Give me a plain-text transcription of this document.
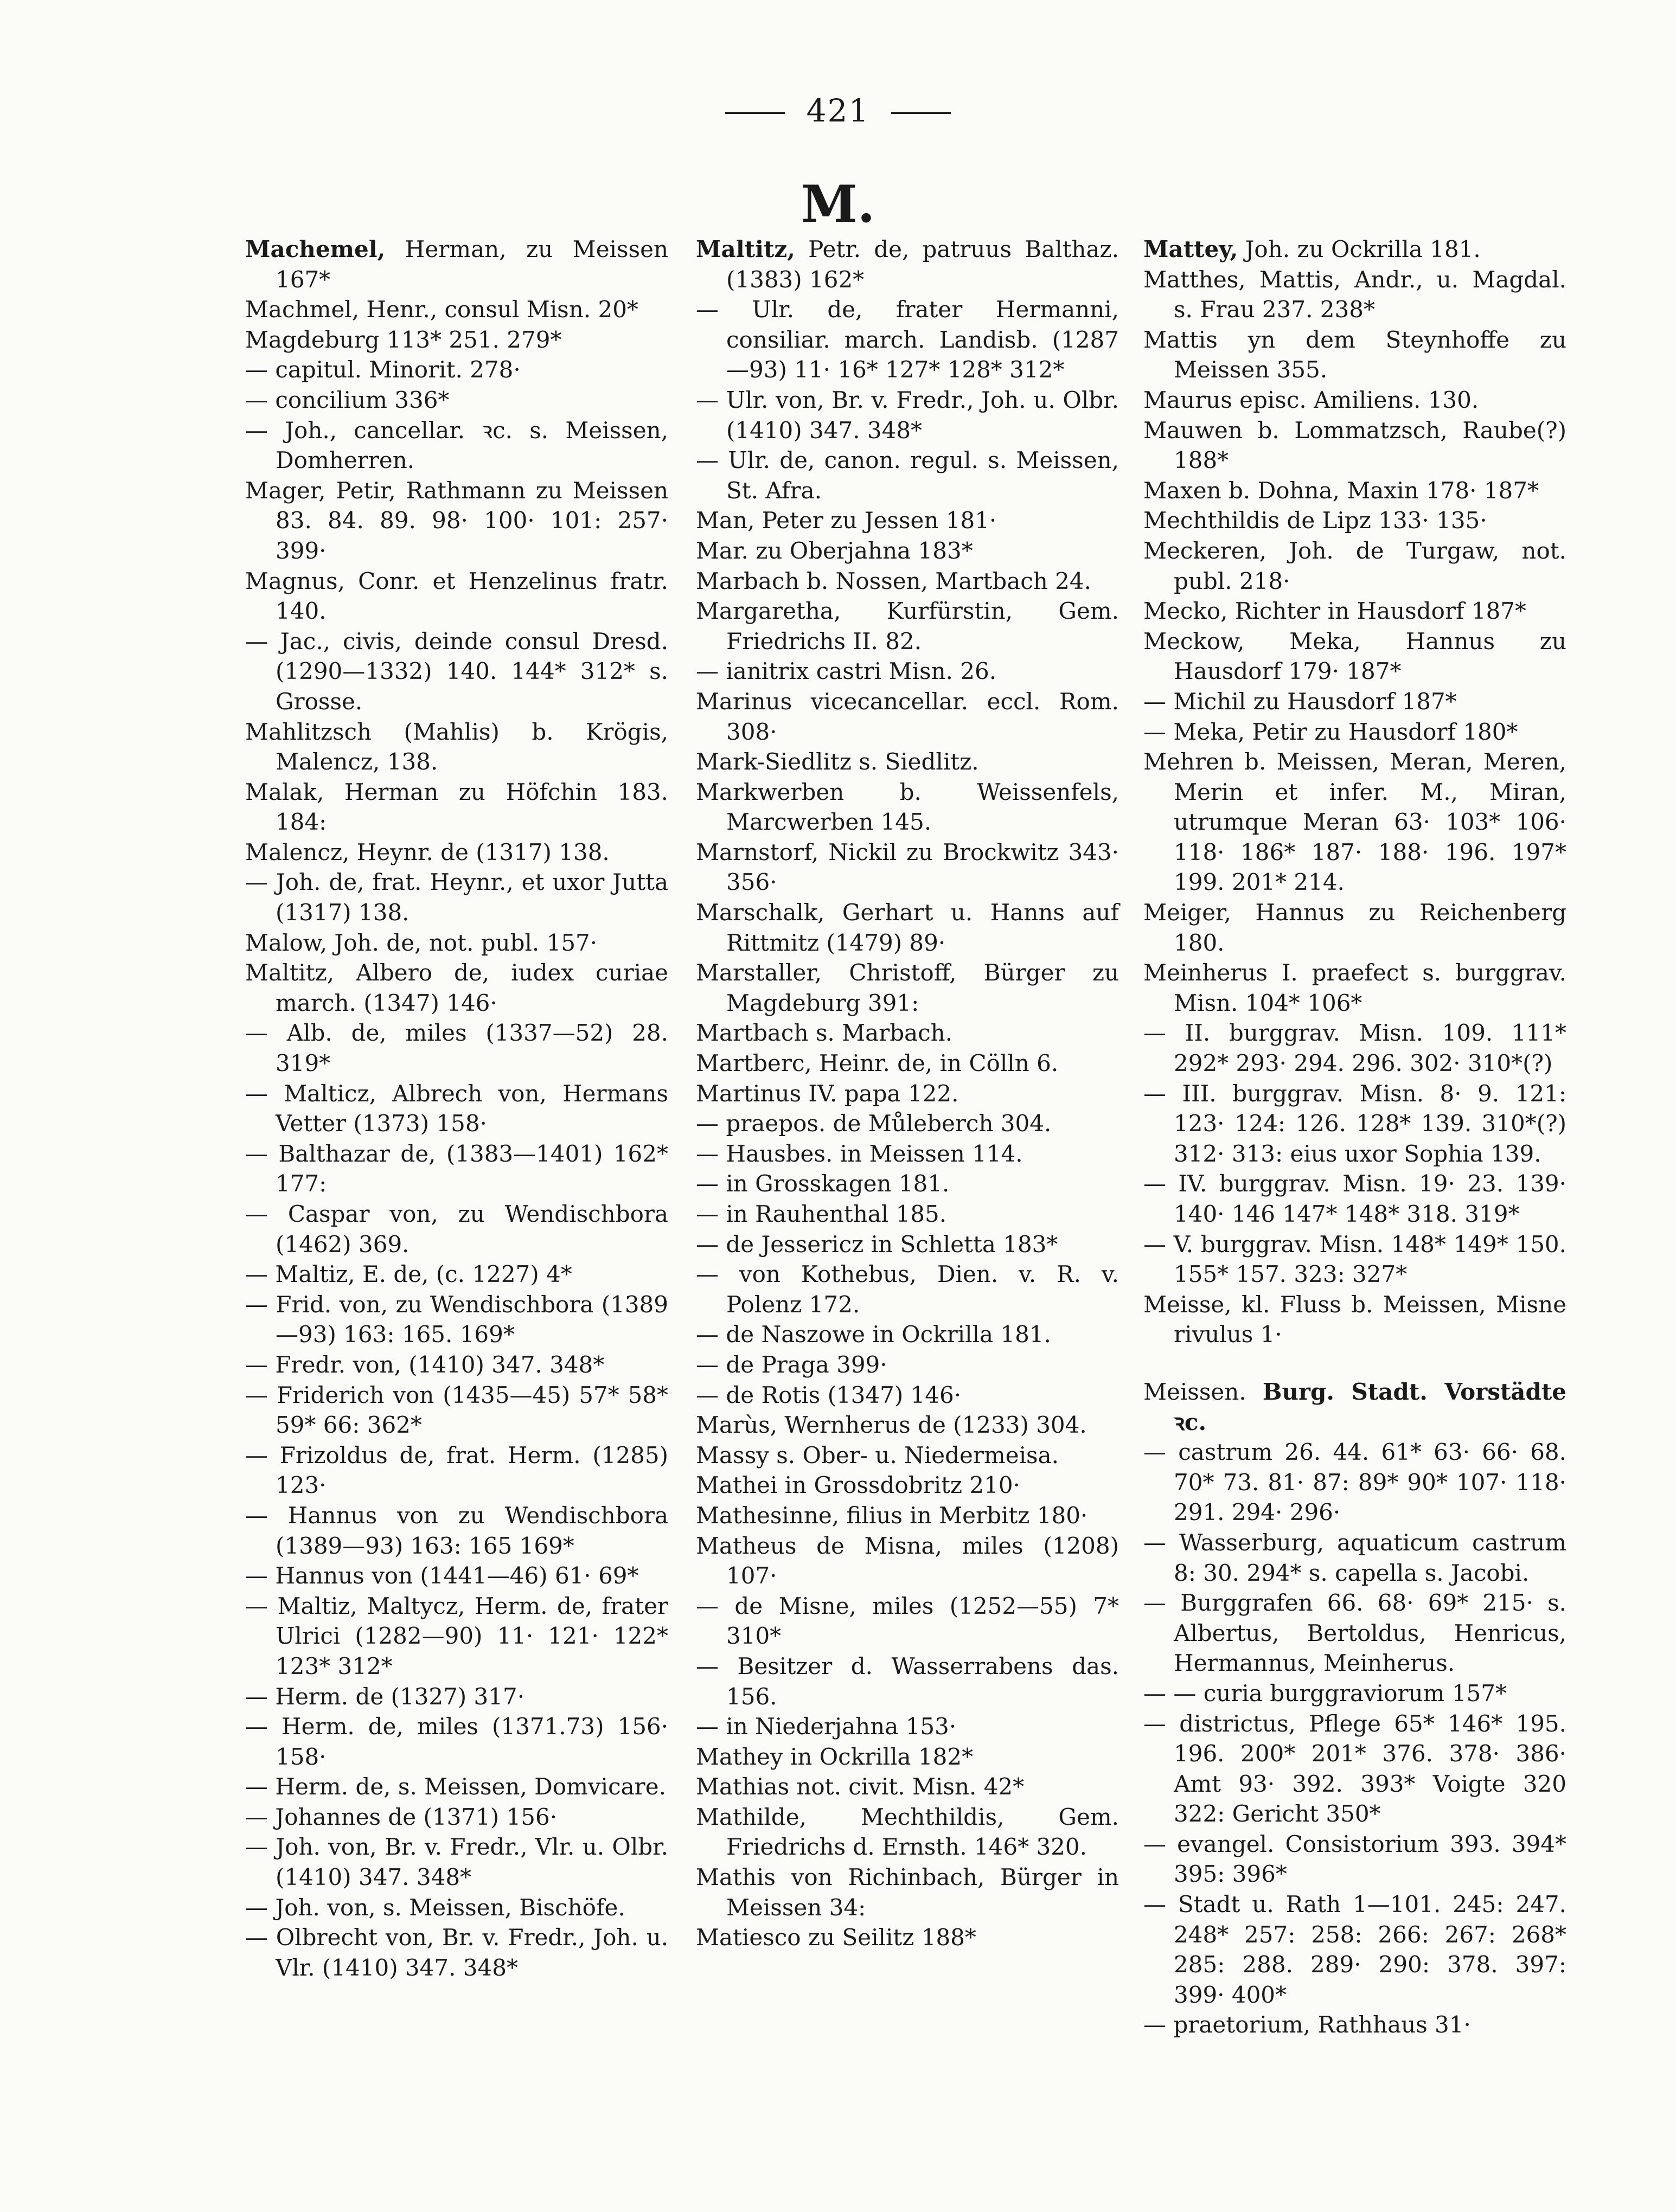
421
M.

Machemel, Herman, zu Meissen 167*

Machmel, Henr., consul Misn. 20*

Magdeburg 113* 251. 279*

— capitul. Minorit. 278·

— concilium 336*

— Joh., cancellar. ꝛc. s. Meissen, Domherren.

Mager, Petir, Rathmann zu Meissen 83. 84. 89. 98· 100· 101: 257· 399·

Magnus, Conr. et Henzelinus fratr. 140.

— Jac., civis, deinde consul Dresd. (1290—1332) 140. 144* 312* s. Grosse.

Mahlitzsch (Mahlis) b. Krögis, Malencz, 138.

Malak, Herman zu Höfchin 183. 184:

Malencz, Heynr. de (1317) 138.

— Joh. de, frat. Heynr., et uxor Jutta (1317) 138.

Malow, Joh. de, not. publ. 157·

Maltitz, Albero de, iudex curiae march. (1347) 146·

— Alb. de, miles (1337—52) 28. 319*

— Malticz, Albrech von, Hermans Vetter (1373) 158·

— Balthazar de, (1383—1401) 162* 177:

— Caspar von, zu Wendischbora (1462) 369.

— Maltiz, E. de, (c. 1227) 4*

— Frid. von, zu Wendischbora (1389—93) 163: 165. 169*

— Fredr. von, (1410) 347. 348*

— Friderich von (1435—45) 57* 58* 59* 66: 362*

— Frizoldus de, frat. Herm. (1285) 123·

— Hannus von zu Wendischbora (1389—93) 163: 165 169*

— Hannus von (1441—46) 61· 69*

— Maltiz, Maltycz, Herm. de, frater Ulrici (1282—90) 11· 121· 122* 123* 312*

— Herm. de (1327) 317·

— Herm. de, miles (1371.73) 156· 158·

— Herm. de, s. Meissen, Domvicare.

— Johannes de (1371) 156·

— Joh. von, Br. v. Fredr., Vlr. u. Olbr. (1410) 347. 348*

— Joh. von, s. Meissen, Bischöfe.

— Olbrecht von, Br. v. Fredr., Joh. u. Vlr. (1410) 347. 348*

Maltitz, Petr. de, patruus Balthaz. (1383) 162*

— Ulr. de, frater Hermanni, consiliar. march. Landisb. (1287—93) 11· 16* 127* 128* 312*

— Ulr. von, Br. v. Fredr., Joh. u. Olbr. (1410) 347. 348*

— Ulr. de, canon. regul. s. Meissen, St. Afra.

Man, Peter zu Jessen 181·

Mar. zu Oberjahna 183*

Marbach b. Nossen, Martbach 24.

Margaretha, Kurfürstin, Gem. Friedrichs II. 82.

— ianitrix castri Misn. 26.

Marinus vicecancellar. eccl. Rom. 308·

Mark-Siedlitz s. Siedlitz.

Markwerben b. Weissenfels, Marcwerben 145.

Marnstorf, Nickil zu Brockwitz 343· 356·

Marschalk, Gerhart u. Hanns auf Rittmitz (1479) 89·

Marstaller, Christoff, Bürger zu Magdeburg 391:

Martbach s. Marbach.

Martberc, Heinr. de, in Cölln 6.

Martinus IV. papa 122.

— praepos. de Můleberch 304.

— Hausbes. in Meissen 114.

— in Grosskagen 181.

— in Rauhenthal 185.

— de Jessericz in Schletta 183*

— von Kothebus, Dien. v. R. v. Polenz 172.

— de Naszowe in Ockrilla 181.

— de Praga 399·

— de Rotis (1347) 146·

Marùs, Wernherus de (1233) 304.

Massy s. Ober- u. Niedermeisa.

Mathei in Grossdobritz 210·

Mathesinne, filius in Merbitz 180·

Matheus de Misna, miles (1208) 107·

— de Misne, miles (1252—55) 7* 310*

— Besitzer d. Wasserrabens das. 156.

— in Niederjahna 153·

Mathey in Ockrilla 182*

Mathias not. civit. Misn. 42*

Mathilde, Mechthildis, Gem. Friedrichs d. Ernsth. 146* 320.

Mathis von Richinbach, Bürger in Meissen 34:

Matiesco zu Seilitz 188*

Mattey, Joh. zu Ockrilla 181.

Matthes, Mattis, Andr., u. Magdal. s. Frau 237. 238*

Mattis yn dem Steynhoffe zu Meissen 355.

Maurus episc. Amiliens. 130.

Mauwen b. Lommatzsch, Raube(?) 188*

Maxen b. Dohna, Maxin 178· 187*

Mechthildis de Lipz 133· 135·

Meckeren, Joh. de Turgaw, not. publ. 218·

Mecko, Richter in Hausdorf 187*

Meckow, Meka, Hannus zu Hausdorf 179· 187*

— Michil zu Hausdorf 187*

— Meka, Petir zu Hausdorf 180*

Mehren b. Meissen, Meran, Meren, Merin et infer. M., Miran, utrumque Meran 63· 103* 106· 118· 186* 187· 188· 196. 197* 199. 201* 214.

Meiger, Hannus zu Reichenberg 180.

Meinherus I. praefect s. burggrav. Misn. 104* 106*

— II. burggrav. Misn. 109. 111* 292* 293· 294. 296. 302· 310*(?)

— III. burggrav. Misn. 8· 9. 121: 123· 124: 126. 128* 139. 310*(?) 312· 313: eius uxor Sophia 139.

— IV. burggrav. Misn. 19· 23. 139· 140· 146 147* 148* 318. 319*

— V. burggrav. Misn. 148* 149* 150. 155* 157. 323: 327*

Meisse, kl. Fluss b. Meissen, Misne rivulus 1·

Meissen. Burg. Stadt. Vorstädte ꝛc.

— castrum 26. 44. 61* 63· 66· 68. 70* 73. 81· 87: 89* 90* 107· 118· 291. 294· 296·

— Wasserburg, aquaticum castrum 8: 30. 294* s. capella s. Jacobi.

— Burggrafen 66. 68· 69* 215· s. Albertus, Bertoldus, Henricus, Hermannus, Meinherus.

— — curia burggraviorum 157*

— districtus, Pflege 65* 146* 195. 196. 200* 201* 376. 378· 386· Amt 93· 392. 393* Voigte 320 322: Gericht 350*

— evangel. Consistorium 393. 394* 395: 396*

— Stadt u. Rath 1—101. 245: 247. 248* 257: 258: 266: 267: 268* 285: 288. 289· 290: 378. 397: 399· 400*

— praetorium, Rathhaus 31·
